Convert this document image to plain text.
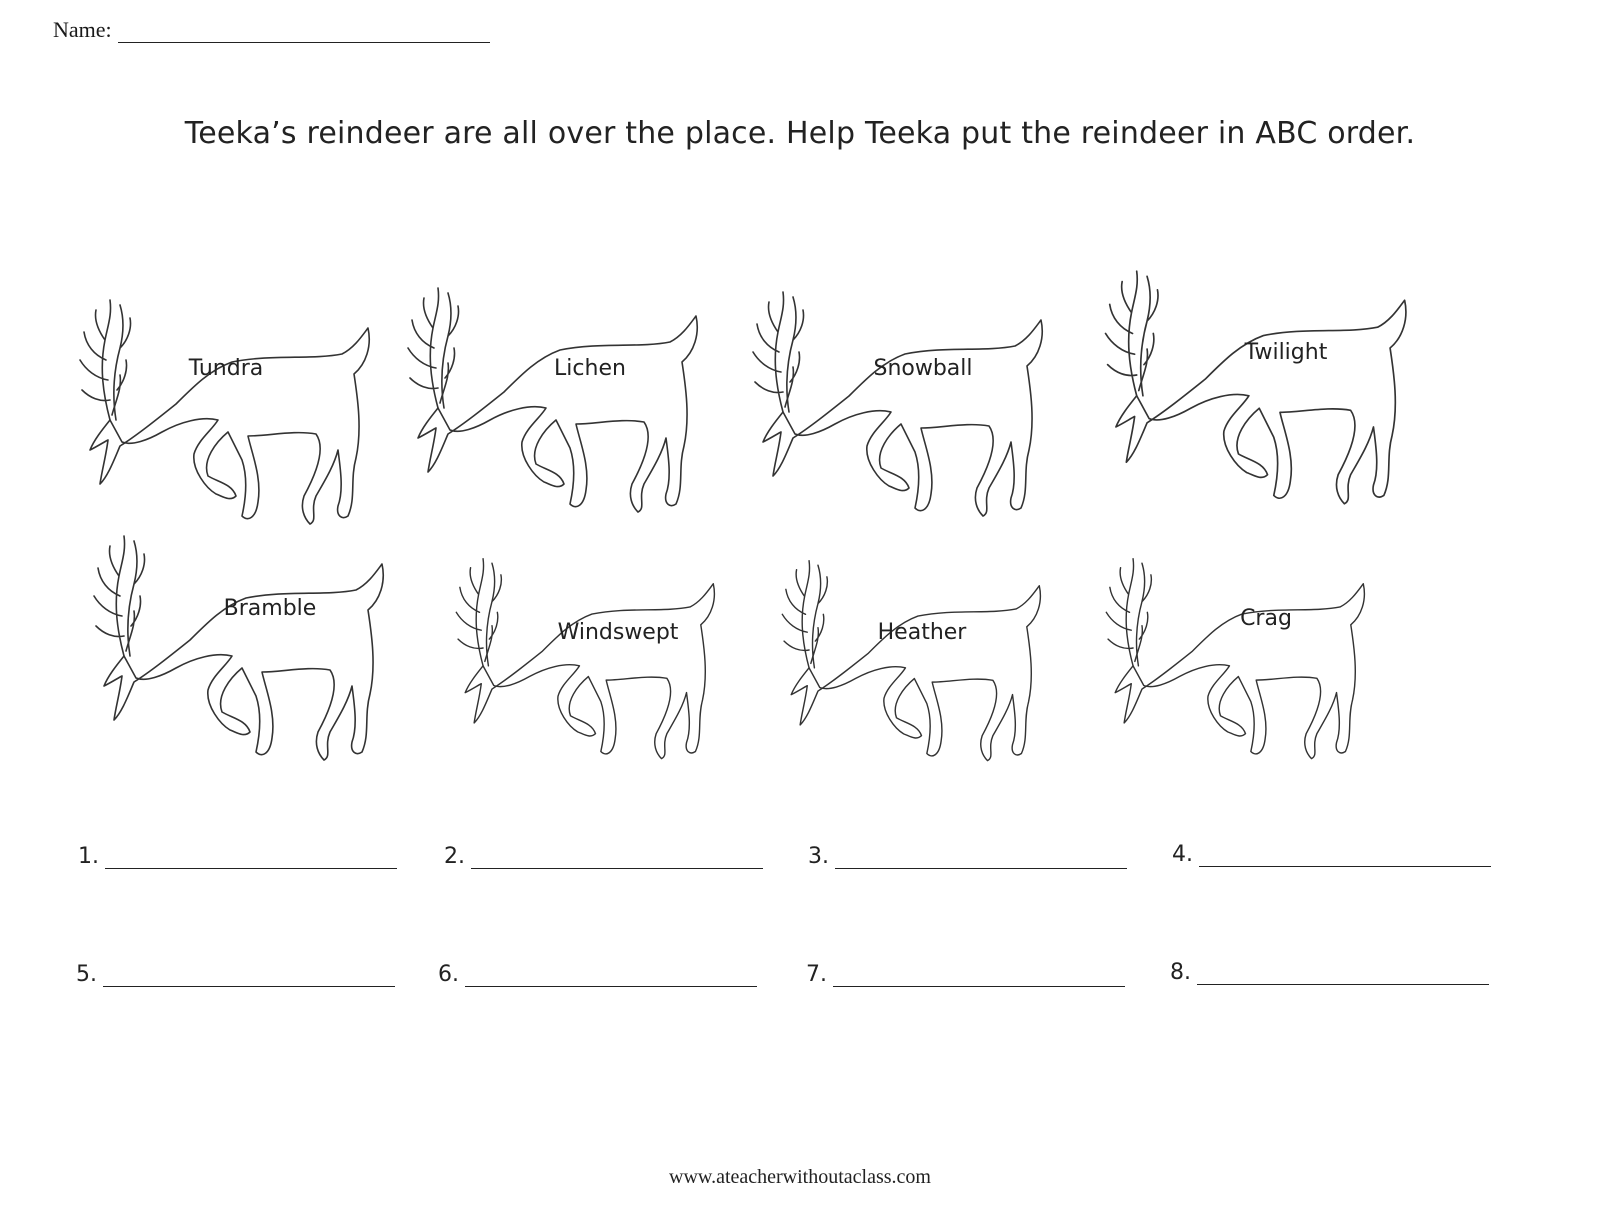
Name:
Teeka’s reindeer are all over the place. Help Teeka put the reindeer in ABC order.
Tundra	Lichen	Snowball
Twilight
Bramble
Windswept	Heather
Crag
1.	2.	3.	4.
5.	6.	7.	8.
www.ateacherwithoutaclass.com
